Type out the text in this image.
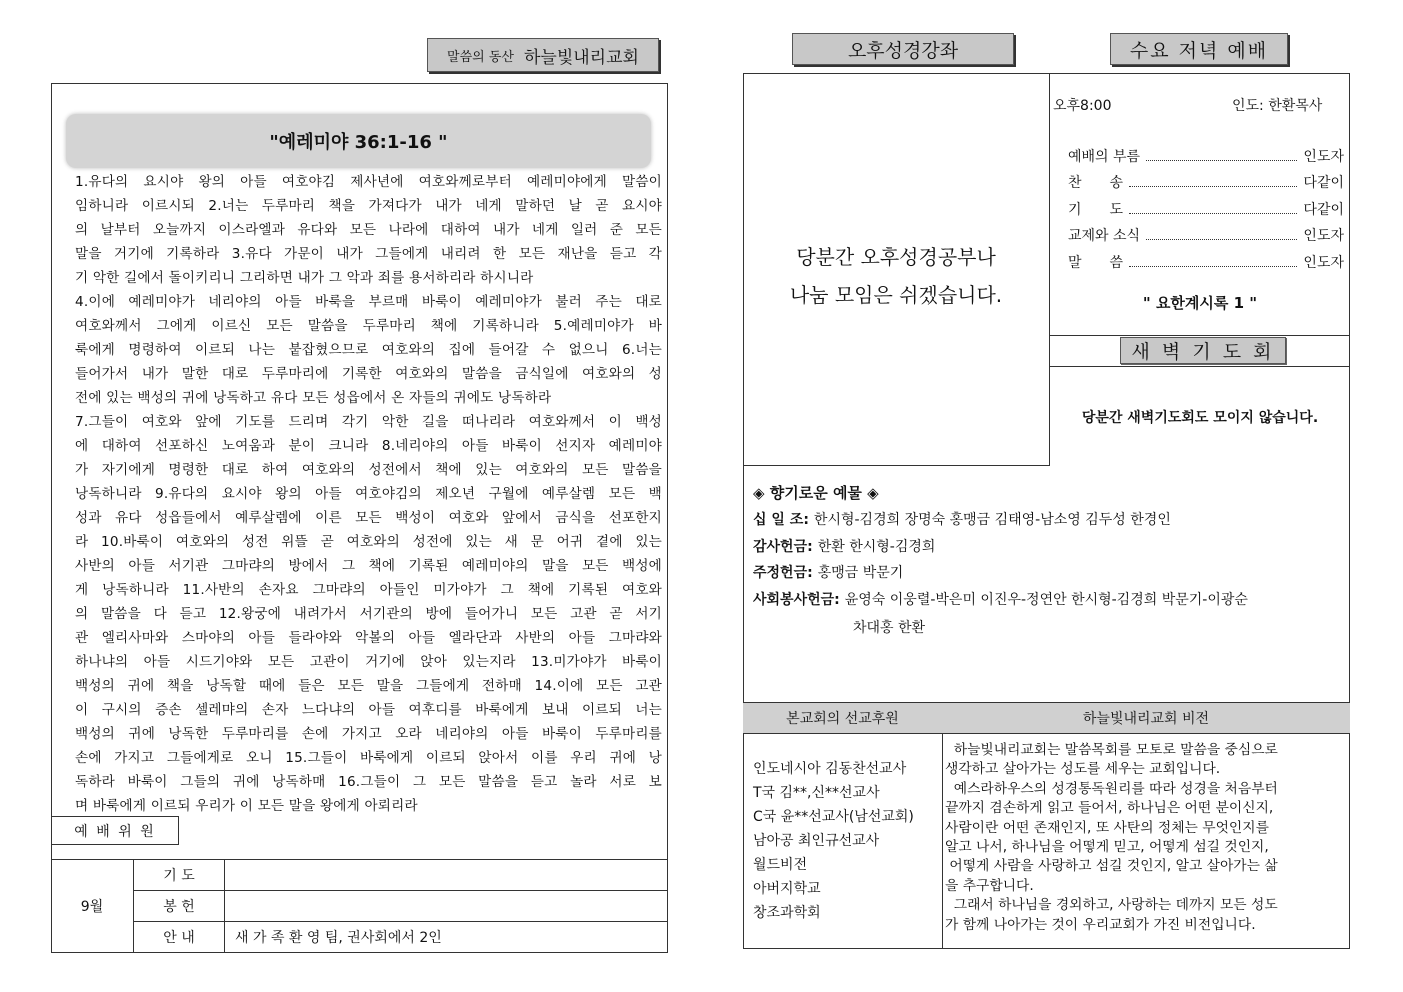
말씀의 동산 하늘빛내리교회
"예레미야 36:1-16 "

1.유다의 요시야 왕의 아들 여호야김 제사년에 여호와께로부터 예레미야에게 말씀이

임하니라 이르시되 2.너는 두루마리 책을 가져다가 내가 네게 말하던 날 곧 요시야

의 날부터 오늘까지 이스라엘과 유다와 모든 나라에 대하여 내가 네게 일러 준 모든

말을 거기에 기록하라 3.유다 가문이 내가 그들에게 내리려 한 모든 재난을 듣고 각

기 악한 길에서 돌이키리니 그리하면 내가 그 악과 죄를 용서하리라 하시니라

4.이에 예레미야가 네리야의 아들 바룩을 부르매 바룩이 예레미야가 불러 주는 대로

여호와께서 그에게 이르신 모든 말씀을 두루마리 책에 기록하니라 5.예레미야가 바

룩에게 명령하여 이르되 나는 붙잡혔으므로 여호와의 집에 들어갈 수 없으니 6.너는

들어가서 내가 말한 대로 두루마리에 기록한 여호와의 말씀을 금식일에 여호와의 성

전에 있는 백성의 귀에 낭독하고 유다 모든 성읍에서 온 자들의 귀에도 낭독하라

7.그들이 여호와 앞에 기도를 드리며 각기 악한 길을 떠나리라 여호와께서 이 백성

에 대하여 선포하신 노여움과 분이 크니라 8.네리야의 아들 바룩이 선지자 예레미야

가 자기에게 명령한 대로 하여 여호와의 성전에서 책에 있는 여호와의 모든 말씀을

낭독하니라 9.유다의 요시야 왕의 아들 여호야김의 제오년 구월에 예루살렘 모든 백

성과 유다 성읍들에서 예루살렘에 이른 모든 백성이 여호와 앞에서 금식을 선포한지

라 10.바룩이 여호와의 성전 위뜰 곧 여호와의 성전에 있는 새 문 어귀 곁에 있는

사반의 아들 서기관 그마랴의 방에서 그 책에 기록된 예레미야의 말을 모든 백성에

게 낭독하니라 11.사반의 손자요 그마랴의 아들인 미가야가 그 책에 기록된 여호와

의 말씀을 다 듣고 12.왕궁에 내려가서 서기관의 방에 들어가니 모든 고관 곧 서기

관 엘리사마와 스마야의 아들 들라야와 악볼의 아들 엘라단과 사반의 아들 그마랴와

하나냐의 아들 시드기야와 모든 고관이 거기에 앉아 있는지라 13.미가야가 바룩이

백성의 귀에 책을 낭독할 때에 들은 모든 말을 그들에게 전하매 14.이에 모든 고관

이 구시의 증손 셀레먀의 손자 느다냐의 아들 여후디를 바룩에게 보내 이르되 너는

백성의 귀에 낭독한 두루마리를 손에 가지고 오라 네리야의 아들 바룩이 두루마리를

손에 가지고 그들에게로 오니 15.그들이 바룩에게 이르되 앉아서 이를 우리 귀에 낭

독하라 바룩이 그들의 귀에 낭독하매 16.그들이 그 모든 말씀을 듣고 놀라 서로 보

며 바룩에게 이르되 우리가 이 모든 말을 왕에게 아뢰리라

예 배 위 원
9월	기 도	
	봉 헌	
	안 내	새 가 족 환 영 팀, 권사회에서 2인
오후성경강좌	수요 저녁 예배
당분간 오후성경공부나
나눔 모임은 쉬겠습니다.
오후8:00	인도: 한환목사
예배의 부름	인도자
찬　　송	다같이
기　　도	다같이
교제와 소식	인도자
말　　씀	인도자
" 요한계시록 1 "
새 벽 기 도 회
당분간 새벽기도회도 모이지 않습니다.
◈ 향기로운 예물 ◈
십 일 조: 한시형-김경희 장명숙 홍맹금 김태영-남소영 김두성 한경인
감사헌금: 한환 한시형-김경희
주정헌금: 홍맹금 박문기
사회봉사헌금: 윤영숙 이웅렬-박은미 이진우-정연안 한시형-김경희 박문기-이광순
차대홍 한환
본교회의 선교후원	하늘빛내리교회 비전
인도네시아 김동찬선교사
T국 김**,신**선교사
C국 윤**선교사(남선교회)
남아공 최인규선교사
월드비전
아버지학교
창조과학회
하늘빛내리교회는 말씀목회를 모토로 말씀을 중심으로
생각하고 살아가는 성도를 세우는 교회입니다.
예스라하우스의 성경통독원리를 따라 성경을 처음부터
끝까지 겸손하게 읽고 들어서, 하나님은 어떤 분이신지,
사람이란 어떤 존재인지, 또 사탄의 정체는 무엇인지를
알고 나서, 하나님을 어떻게 믿고, 어떻게 섬길 것인지,
어떻게 사람을 사랑하고 섬길 것인지, 알고 살아가는 삶
을 추구합니다.
그래서 하나님을 경외하고, 사랑하는 데까지 모든 성도
가 함께 나아가는 것이 우리교회가 가진 비전입니다.
